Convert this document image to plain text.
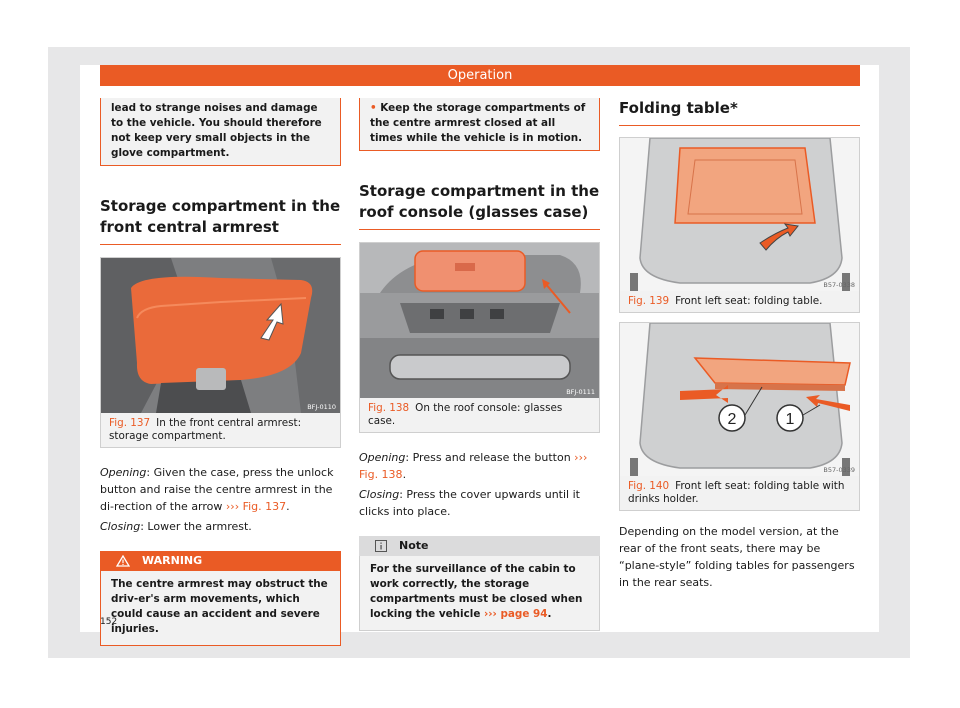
Operation
lead to strange noises and damage to the vehicle. You should therefore not keep very small objects in the glove compartment.
Storage compartment in the front central armrest
BFJ-0110
Fig. 137 In the front central armrest: storage compartment.

Opening: Given the case, press the unlock button and raise the centre armrest in the di-rection of the arrow ››› Fig. 137.

Closing: Lower the armrest.

WARNING
The centre armrest may obstruct the driv-er's arm movements, which could cause an accident and severe injuries.
• Keep the storage compartments of the centre armrest closed at all times while the vehicle is in motion.
Storage compartment in the roof console (glasses case)
BFJ-0111
Fig. 138 On the roof console: glasses case.

Opening: Press and release the button ››› Fig. 138.

Closing: Press the cover upwards until it clicks into place.

Note
For the surveillance of the cabin to work correctly, the storage compartments must be closed when locking the vehicle ››› page 94.
Folding table*
B57-0338
Fig. 139 Front left seat: folding table.
2	1
B57-0339
Fig. 140 Front left seat: folding table with drinks holder.

Depending on the model version, at the rear of the front seats, there may be “plane-style” folding tables for passengers in the rear seats.

152
